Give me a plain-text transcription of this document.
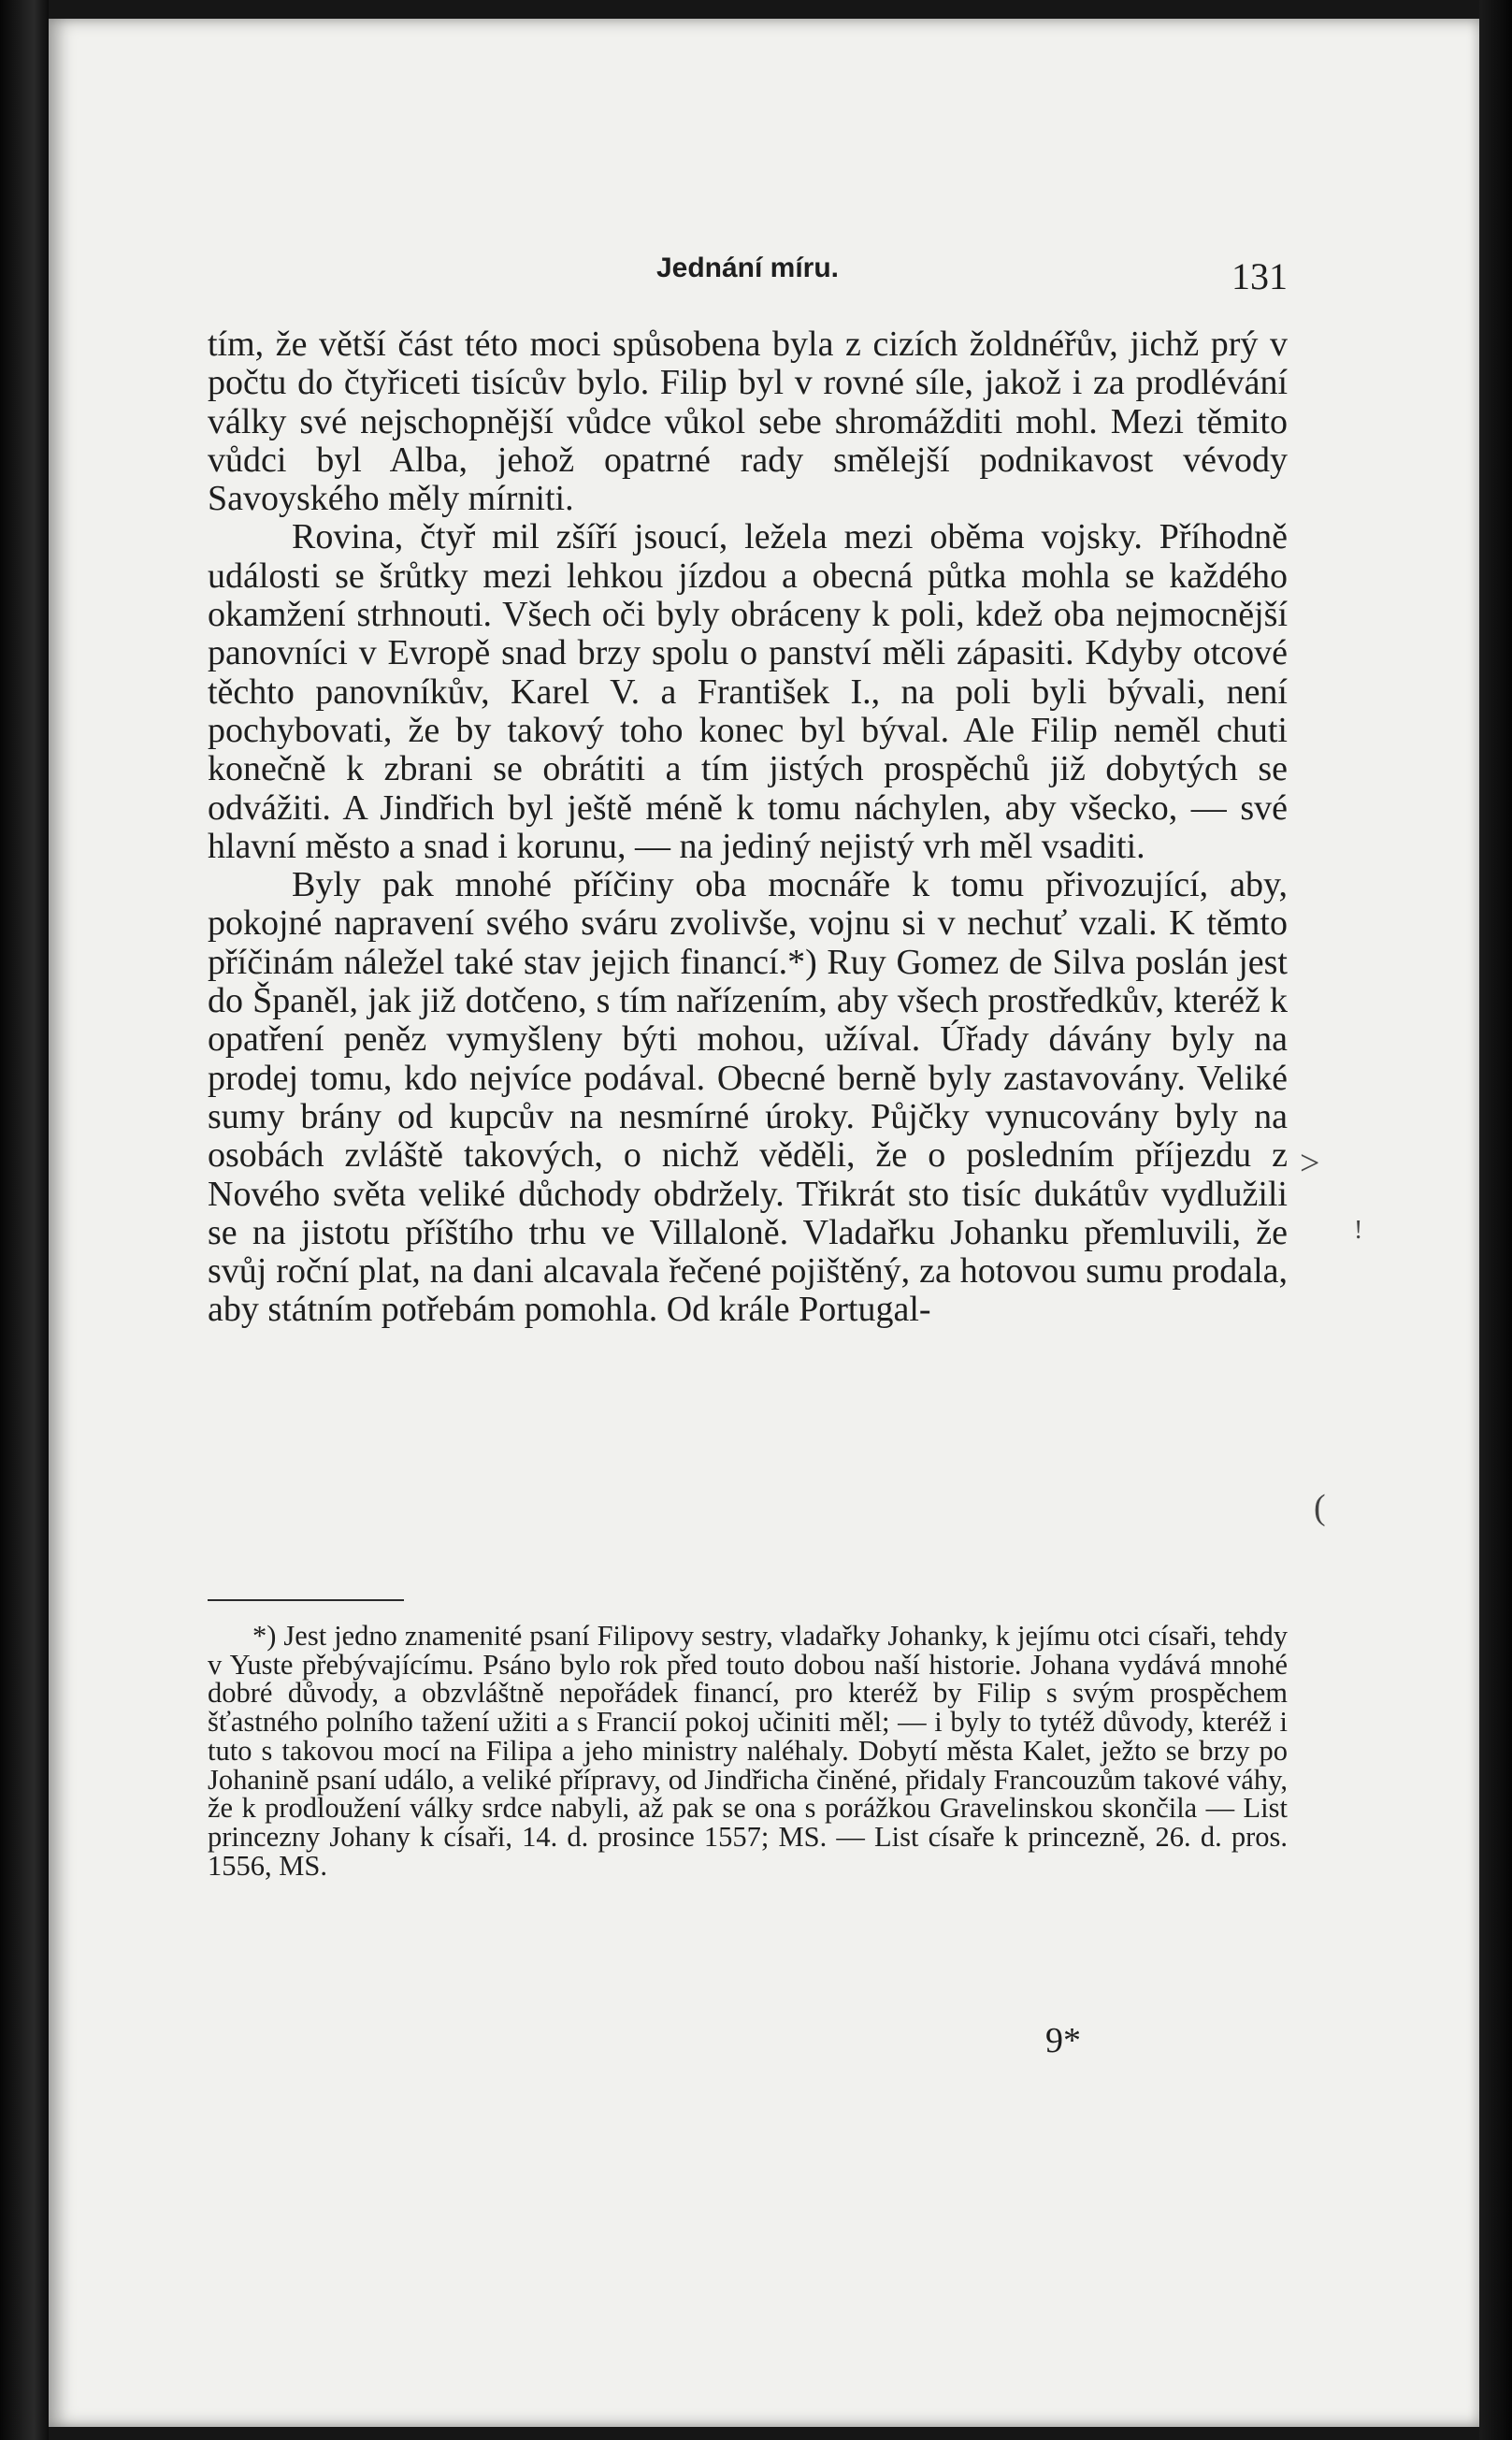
Jednání míru.	131

tím, že větší část této moci spůsobena byla z cizích žoldnéřův, jichž prý v počtu do čtyřiceti tisícův bylo. Filip byl v rovné síle, jakož i za prodlévání války své nejschopnější vůdce vůkol sebe shromážditi mohl. Mezi těmito vůdci byl Alba, jehož opatrné rady smělejší podnikavost vévody Savoyského měly mírniti.

Rovina, čtyř mil zšíří jsoucí, ležela mezi oběma vojsky. Příhodně události se šrůtky mezi lehkou jízdou a obecná půtka mohla se každého okamžení strhnouti. Všech oči byly obráceny k poli, kdež oba nejmocnější panovníci v Evropě snad brzy spolu o panství měli zápasiti. Kdyby otcové těchto panovníkův, Karel V. a František I., na poli byli bývali, není pochybovati, že by takový toho konec byl býval. Ale Filip neměl chuti konečně k zbrani se obrátiti a tím jistých prospěchů již dobytých se odvážiti. A Jindřich byl ještě méně k tomu náchylen, aby všecko, — své hlavní město a snad i korunu, — na jediný nejistý vrh měl vsaditi.

Byly pak mnohé příčiny oba mocnáře k tomu přivozující, aby, pokojné napravení svého sváru zvolivše, vojnu si v nechuť vzali. K těmto příčinám náležel také stav jejich financí.*) Ruy Gomez de Silva poslán jest do Španěl, jak již dotčeno, s tím nařízením, aby všech prostředkův, kteréž k opatření peněz vymyšleny býti mohou, užíval. Úřady dávány byly na prodej tomu, kdo nejvíce podával. Obecné berně byly zastavovány. Veliké sumy brány od kupcův na nesmírné úroky. Půjčky vynucovány byly na osobách zvláště takových, o nichž věděli, že o posledním příjezdu z Nového světa veliké důchody obdržely. Třikrát sto tisíc dukátův vydlužili se na jistotu příštího trhu ve Villaloně. Vladařku Johanku přemluvili, že svůj roční plat, na dani alcavala řečené pojištěný, za hotovou sumu prodala, aby státním potřebám pomohla. Od krále Portugal-

*) Jest jedno znamenité psaní Filipovy sestry, vladařky Johanky, k jejímu otci císaři, tehdy v Yuste přebývajícímu. Psáno bylo rok před touto dobou naší historie. Johana vydává mnohé dobré důvody, a obzvláštně nepořádek financí, pro kteréž by Filip s svým prospěchem šťastného polního tažení užiti a s Francií pokoj učiniti měl; — i byly to tytéž důvody, kteréž i tuto s takovou mocí na Filipa a jeho ministry naléhaly. Dobytí města Kalet, ježto se brzy po Johanině psaní událo, a veliké přípravy, od Jindřicha činěné, přidaly Francouzům takové váhy, že k prodloužení války srdce nabyli, až pak se ona s porážkou Gravelinskou skončila — List princezny Johany k císaři, 14. d. prosince 1557; MS. — List císaře k princezně, 26. d. pros. 1556, MS.
9*
>
(
!
